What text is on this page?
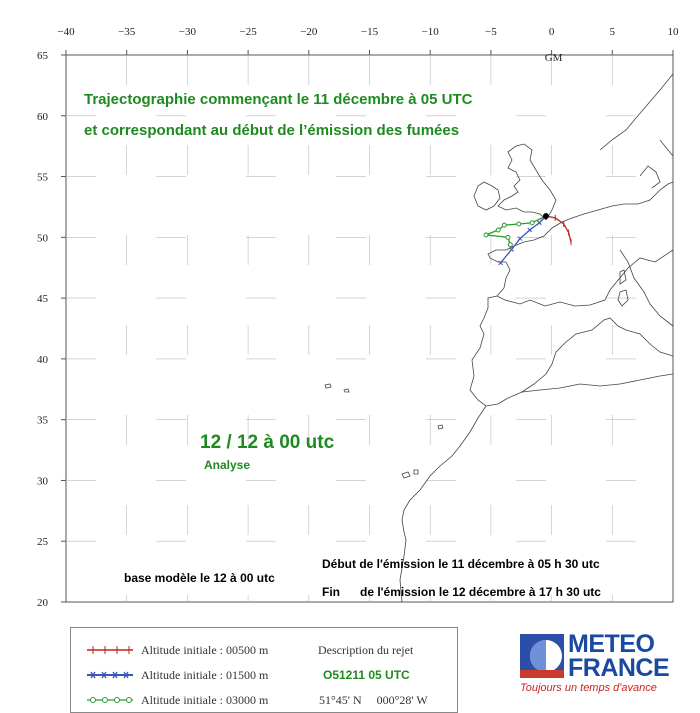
−40	−35	−30	−25	−20	−15	−10	−5	0	5	10
65
60
55
50
45
40
35
30
25
20
GM
Trajectographie commençant le 11 décembre à 05 UTC
et correspondant au début de l’émission des fumées
12 / 12 à 00 utc
Analyse
base modèle le 12 à 00 utc
Début de l'émission le 11 décembre à 05 h 30 utc
Fin      de l'émission le 12 décembre à 17 h 30 utc
Altitude initiale : 00500 m	Description du rejet
Altitude initiale : 01500 m	O51211 05 UTC
Altitude initiale : 03000 m	51°45' N     000°28' W
METEO
FRANCE
Toujours un temps d'avance
